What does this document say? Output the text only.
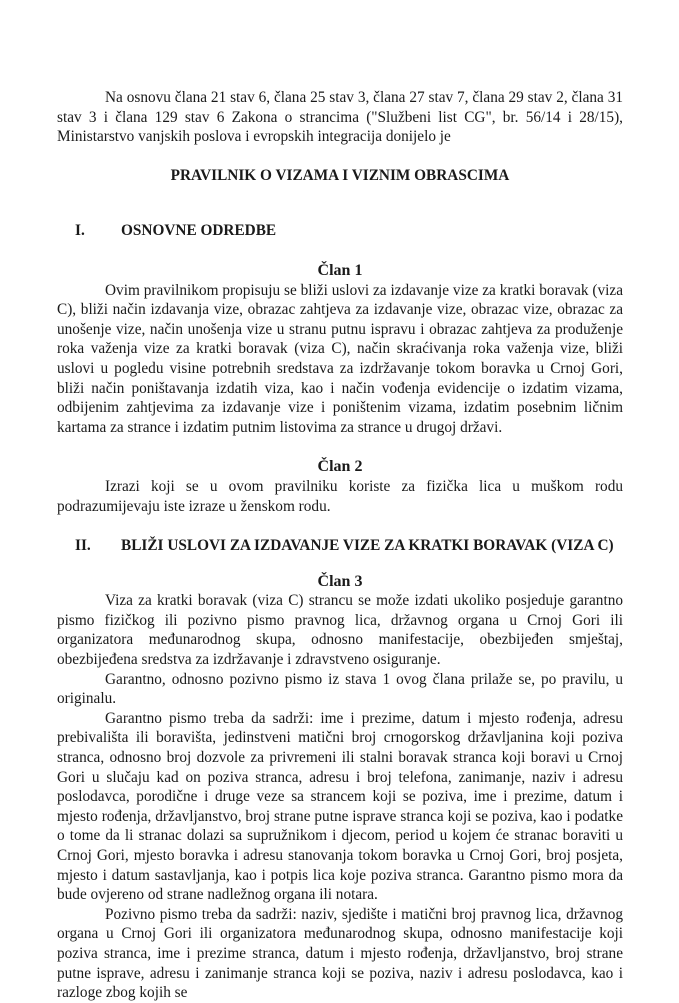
Na osnovu člana 21 stav 6, člana 25 stav 3, člana 27 stav 7, člana 29 stav 2, člana 31 stav 3 i člana 129 stav 6 Zakona o strancima ("Službeni list CG", br. 56/14 i 28/15), Ministarstvo vanjskih poslova i evropskih integracija donijelo je

PRAVILNIK O VIZAMA I VIZNIM OBRASCIMA
I.	OSNOVNE ODREDBE
Član 1

Ovim pravilnikom propisuju se bliži uslovi za izdavanje vize za kratki boravak (viza C), bliži način izdavanja vize, obrazac zahtjeva za izdavanje vize, obrazac vize, obrazac za unošenje vize, način unošenja vize u stranu putnu ispravu i obrazac zahtjeva za produženje roka važenja vize za kratki boravak (viza C), način skraćivanja roka važenja vize, bliži uslovi u pogledu visine potrebnih sredstava za izdržavanje tokom boravka u Crnoj Gori, bliži način poništavanja izdatih viza, kao i način vođenja evidencije o izdatim vizama, odbijenim zahtjevima za izdavanje vize i poništenim vizama, izdatim posebnim ličnim kartama za strance i izdatim putnim listovima za strance u drugoj državi.

Član 2

Izrazi koji se u ovom pravilniku koriste za fizička lica u muškom rodu podrazumijevaju iste izraze u ženskom rodu.

II.	BLIŽI USLOVI ZA IZDAVANJE VIZE ZA KRATKI BORAVAK (VIZA C)
Član 3

Viza za kratki boravak (viza C) strancu se može izdati ukoliko posjeduje garantno pismo fizičkog ili pozivno pismo pravnog lica, državnog organa u Crnoj Gori ili organizatora međunarodnog skupa, odnosno manifestacije, obezbijeđen smještaj, obezbijeđena sredstva za izdržavanje i zdravstveno osiguranje.

Garantno, odnosno pozivno pismo iz stava 1 ovog člana prilaže se, po pravilu, u originalu.

Garantno pismo treba da sadrži: ime i prezime, datum i mjesto rođenja, adresu prebivališta ili boravišta, jedinstveni matični broj crnogorskog državljanina koji poziva stranca, odnosno broj dozvole za privremeni ili stalni boravak stranca koji boravi u Crnoj Gori u slučaju kad on poziva stranca, adresu i broj telefona, zanimanje, naziv i adresu poslodavca, porodične i druge veze sa strancem koji se poziva, ime i prezime, datum i mjesto rođenja, državljanstvo, broj strane putne isprave stranca koji se poziva, kao i podatke o tome da li stranac dolazi sa supružnikom i djecom, period u kojem će stranac boraviti u Crnoj Gori, mjesto boravka i adresu stanovanja tokom boravka u Crnoj Gori, broj posjeta, mjesto i datum sastavljanja, kao i potpis lica koje poziva stranca. Garantno pismo mora da bude ovjereno od strane nadležnog organa ili notara.

Pozivno pismo treba da sadrži: naziv, sjedište i matični broj pravnog lica, državnog organa u Crnoj Gori ili organizatora međunarodnog skupa, odnosno manifestacije koji poziva stranca, ime i prezime stranca, datum i mjesto rođenja, državljanstvo, broj strane putne isprave, adresu i zanimanje stranca koji se poziva, naziv i adresu poslodavca, kao i razloge zbog kojih se
